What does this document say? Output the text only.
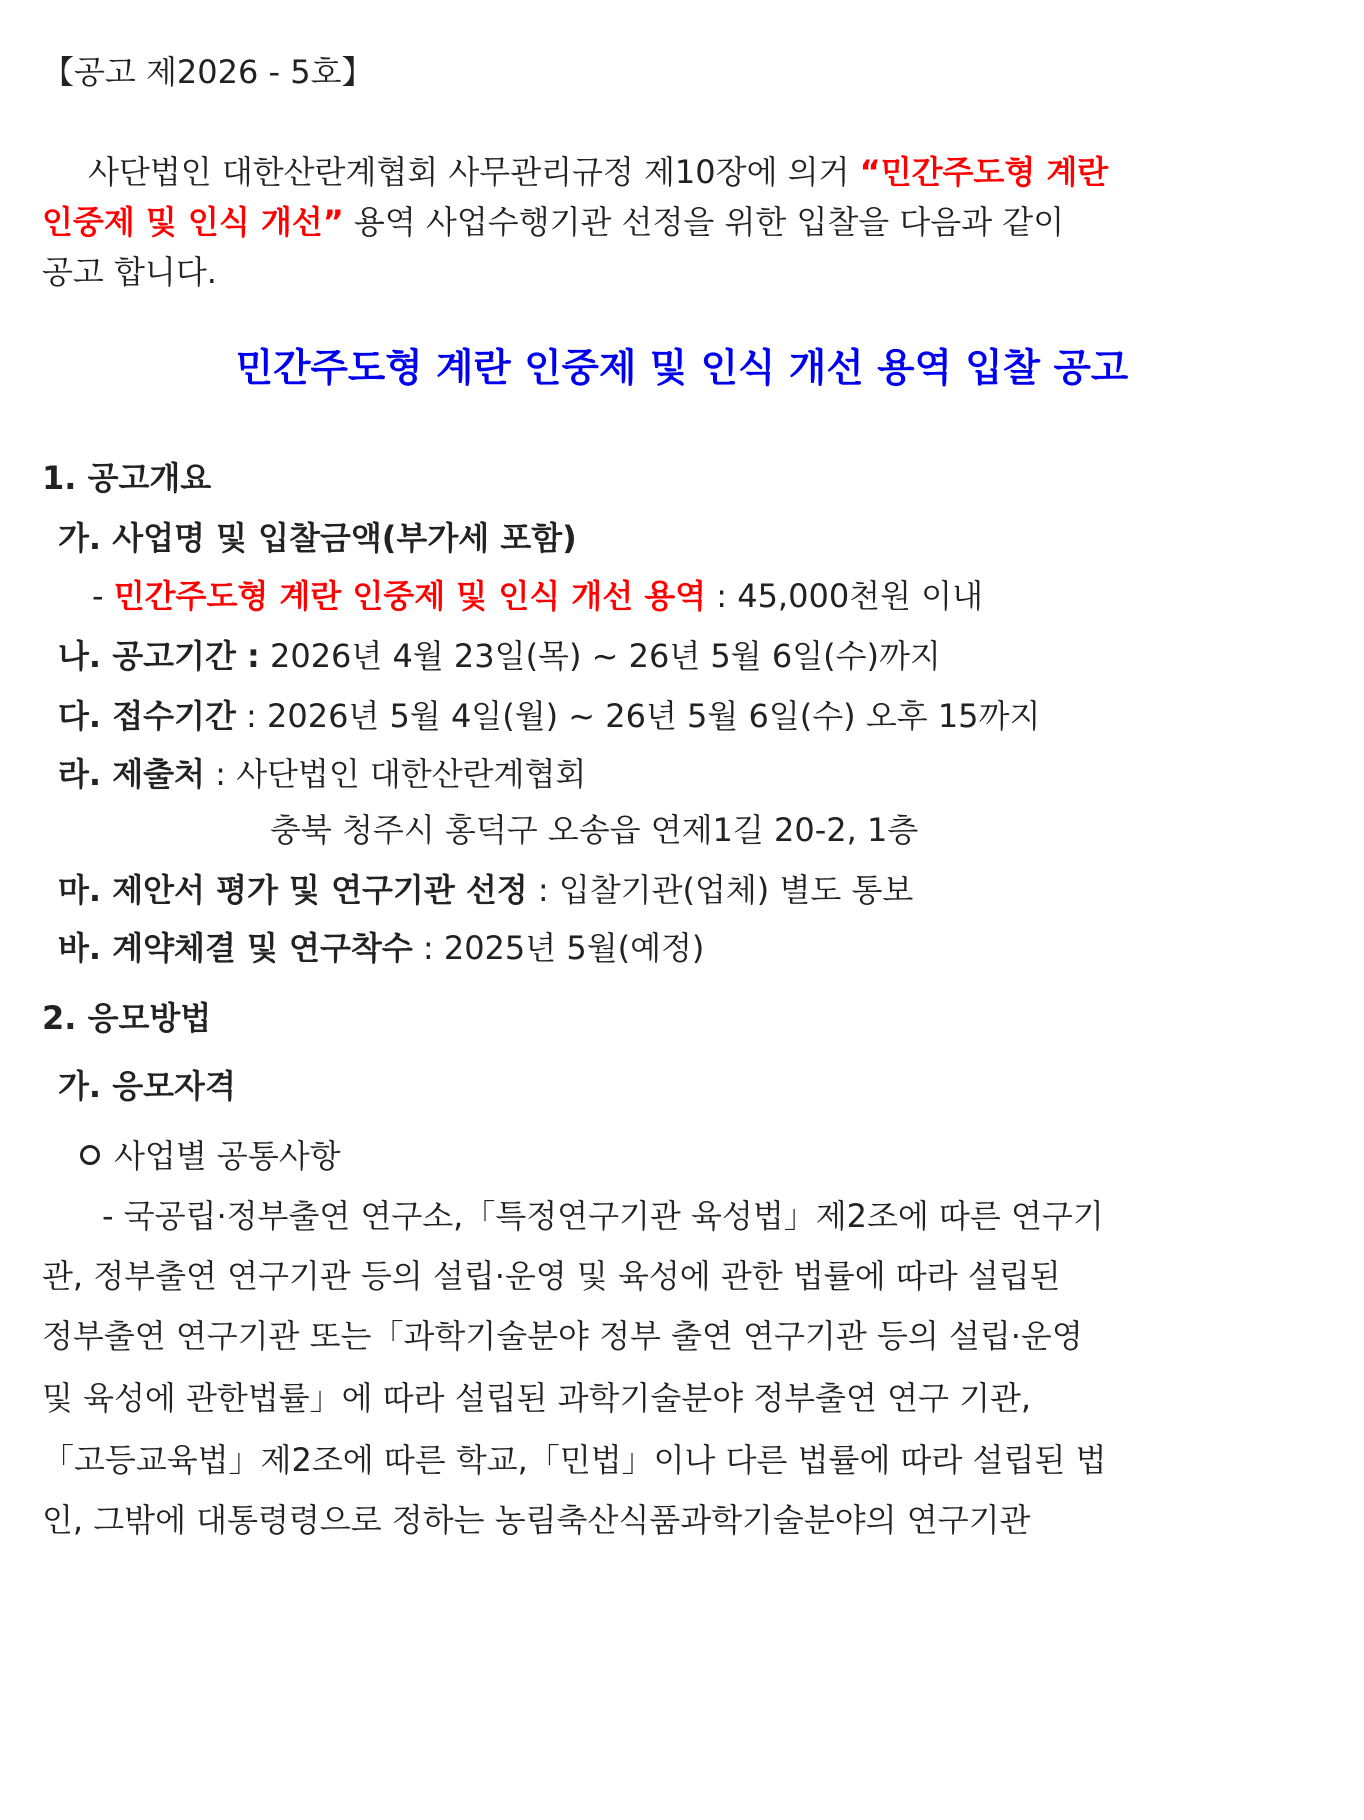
【공고 제2026 - 5호】
사단법인 대한산란계협회 사무관리규정 제10장에 의거 “민간주도형 계란
인중제 및 인식 개선” 용역 사업수행기관 선정을 위한 입찰을 다음과 같이
공고 합니다.
민간주도형 계란 인중제 및 인식 개선 용역 입찰 공고
1. 공고개요
가. 사업명 및 입찰금액(부가세 포함)
- 민간주도형 계란 인중제 및 인식 개선 용역 : 45,000천원 이내
나. 공고기간 : 2026년 4월 23일(목) ~ 26년 5월 6일(수)까지
다. 접수기간 : 2026년 5월 4일(월) ~ 26년 5월 6일(수) 오후 15까지
라. 제출처 : 사단법인 대한산란계협회
충북 청주시 홍덕구 오송읍 연제1길 20-2, 1층
마. 제안서 평가 및 연구기관 선정 : 입찰기관(업체) 별도 통보
바. 계약체결 및 연구착수 : 2025년 5월(예정)
2. 응모방법
가. 응모자격
사업별 공통사항
- 국공립·정부출연 연구소,「특정연구기관 육성법」제2조에 따른 연구기
관, 정부출연 연구기관 등의 설립·운영 및 육성에 관한 법률에 따라 설립된
정부출연 연구기관 또는「과학기술분야 정부 출연 연구기관 등의 설립·운영
및 육성에 관한법률」에 따라 설립된 과학기술분야 정부출연 연구 기관,
「고등교육법」제2조에 따른 학교,「민법」이나 다른 법률에 따라 설립된 법
인, 그밖에 대통령령으로 정하는 농림축산식품과학기술분야의 연구기관
